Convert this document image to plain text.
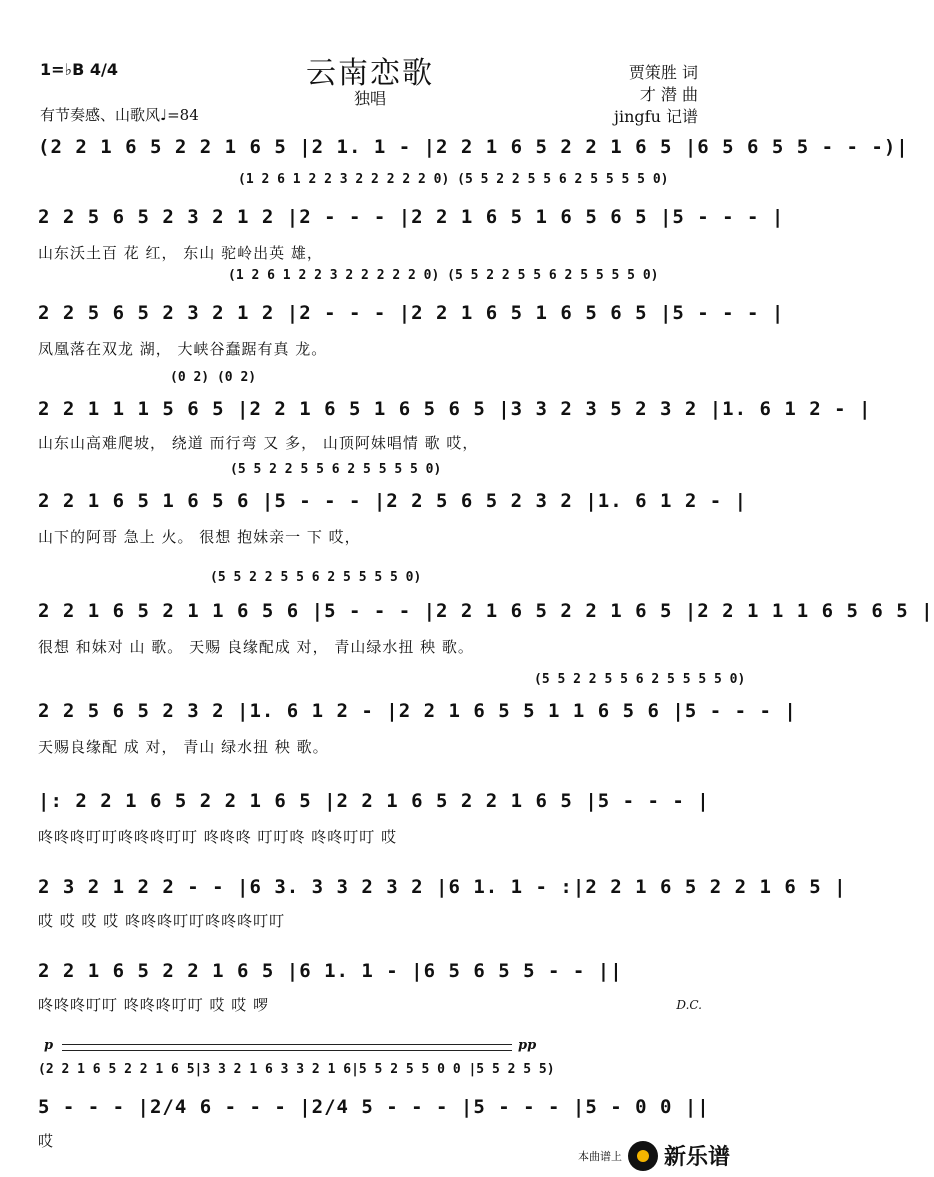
云南恋歌
独唱
1=♭B 4/4
有节奏感、山歌风♩=84
贾策胜 词
才 潜 曲
jingfu 记谱
(2 2 1 6 5 2 2 1 6 5 |2 1. 1 - |2 2 1 6 5 2 2 1 6 5 |6 5 6 5 5 - - -)|
(1 2 6 1 2 2 3 2 2 2 2 2 0) (5 5 2 2 5 5 6 2 5 5 5 5 0)
2 2 5 6 5 2 3 2 1 2 |2 - - - |2 2 1 6 5 1 6 5 6 5 |5 - - - |
山东沃土百 花 红， 东山 驼岭出英 雄，
(1 2 6 1 2 2 3 2 2 2 2 2 0) (5 5 2 2 5 5 6 2 5 5 5 5 0)
2 2 5 6 5 2 3 2 1 2 |2 - - - |2 2 1 6 5 1 6 5 6 5 |5 - - - |
凤凰落在双龙 湖， 大峡谷蠢踞有真 龙。
(0 2) (0 2)
2 2 1 1 1 5 6 5 |2 2 1 6 5 1 6 5 6 5 |3 3 2 3 5 2 3 2 |1. 6 1 2 - |
山东山高难爬坡， 绕道 而行弯 又 多， 山顶阿妹唱情 歌 哎，
(5 5 2 2 5 5 6 2 5 5 5 5 0)
2 2 1 6 5 1 6 5 6 |5 - - - |2 2 5 6 5 2 3 2 |1. 6 1 2 - |
山下的阿哥 急上 火。 很想 抱妹亲一 下 哎，
(5 5 2 2 5 5 6 2 5 5 5 5 0)
2 2 1 6 5 2 1 1 6 5 6 |5 - - - |2 2 1 6 5 2 2 1 6 5 |2 2 1 1 1 6 5 6 5 |
很想 和妹对 山 歌。 天赐 良缘配成 对， 青山绿水扭 秧 歌。
(5 5 2 2 5 5 6 2 5 5 5 5 0)
2 2 5 6 5 2 3 2 |1. 6 1 2 - |2 2 1 6 5 5 1 1 6 5 6 |5 - - - |
天赐良缘配 成 对， 青山 绿水扭 秧 歌。
|: 2 2 1 6 5 2 2 1 6 5 |2 2 1 6 5 2 2 1 6 5 |5 - - - |
咚咚咚叮叮咚咚咚叮叮 咚咚咚 叮叮咚 咚咚叮叮 哎
2 3 2 1 2 2 - - |6 3. 3 3 2 3 2 |6 1. 1 - :|2 2 1 6 5 2 2 1 6 5 |
哎 哎 哎 哎 咚咚咚叮叮咚咚咚叮叮
2 2 1 6 5 2 2 1 6 5 |6 1. 1 - |6 5 6 5 5 - - ||
咚咚咚叮叮 咚咚咚叮叮 哎 哎 啰	D.C.
p	pp
(2 2 1 6 5 2 2 1 6 5|3 3 2 1 6 3 3 2 1 6|5 5 2 5 5 0 0 |5 5 2 5 5)
5 - - - |2/4 6 - - - |2/4 5 - - - |5 - - - |5 - 0 0 ||
哎
本曲谱上 新乐谱
